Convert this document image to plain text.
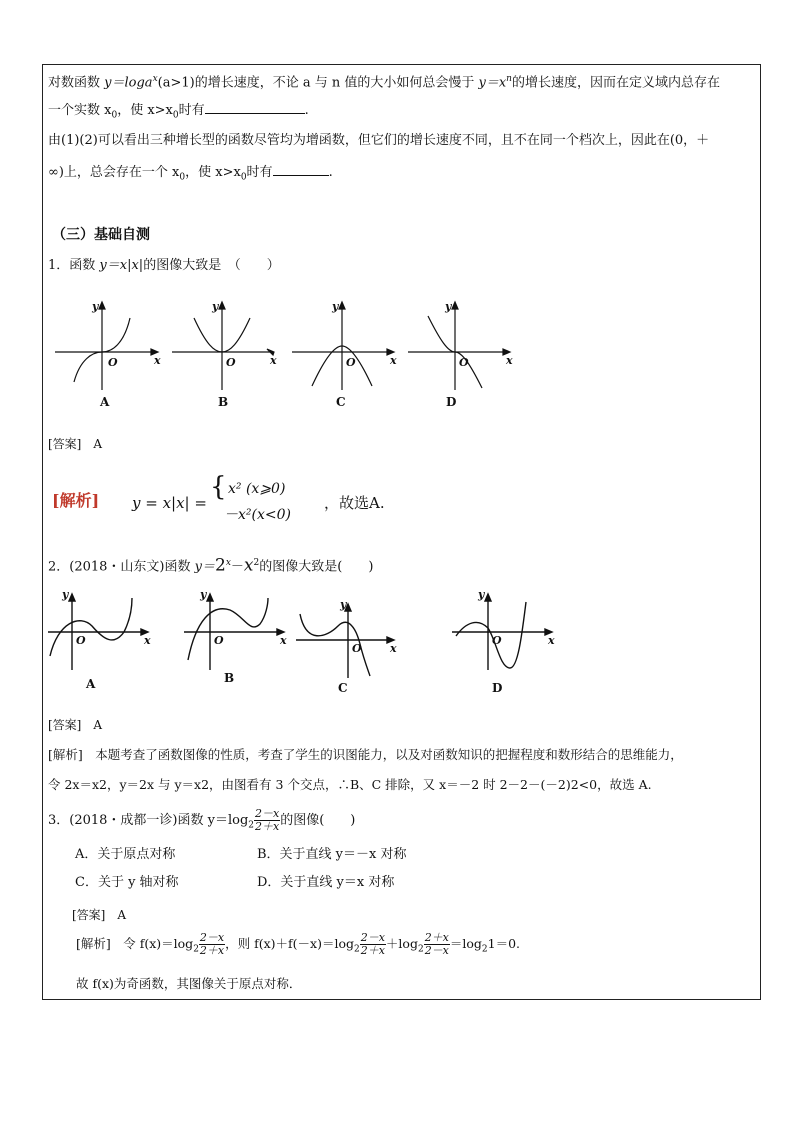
对数函数 y＝loga$^x$(a>1)的增长速度，不论 a 与 n 值的大小如何总会慢于 $y=x^n$的增长速度，因而在定义域内总存在
一个实数 $x_0$，使 $x>x_0$时有	.
由(1)(2)可以看出三种增长型的函数尽管均为增函数，但它们的增长速度不同，且不在同一个档次上，因此在(0，＋
∞)上，总会存在一个 $x_0$，使 $x>x_0$时有	.
（三）基础自测
1．函数 y＝x|x|的图像大致是　（　　）
y
x
O
y
x
O
y
x
O
y
x
O
A	B	C	D
[答案]　A
[解析] y = x|x| =
{ x² (x⩾0)
－x²(x<0)
，故选A.
2．(2018・山东文)函数 $y=2^x-x^2$的图像大致是(　　)
y
x
O
y
x
O
y
x
O
y
x
O
A	B
C	D
[答案]　A
[解析]　本题考查了函数图像的性质，考查了学生的识图能力，以及对函数知识的把握程度和数形结合的思维能力，
令 2x＝x2，y＝2x 与 y＝x2，由图看有 3 个交点，∴B、C 排除，又 x＝－2 时 2－2－(－2)2<0，故选 A.
3．(2018・成都一诊)函数 $y=\log_2 \frac{2-x}{2+x}$ 的图像(　　)
A．关于原点对称	B．关于直线 y＝－x 对称
C．关于 y 轴对称	D．关于直线 y＝x 对称
[答案]　A
[解析]　令 $f(x)=\log_2 \frac{2-x}{2+x}$ ，则 $f(x)+f(-x)=\log_2 \frac{2-x}{2+x} +\log_2 \frac{2+x}{2-x} =\log_21=0$.
故 f(x)为奇函数，其图像关于原点对称．
